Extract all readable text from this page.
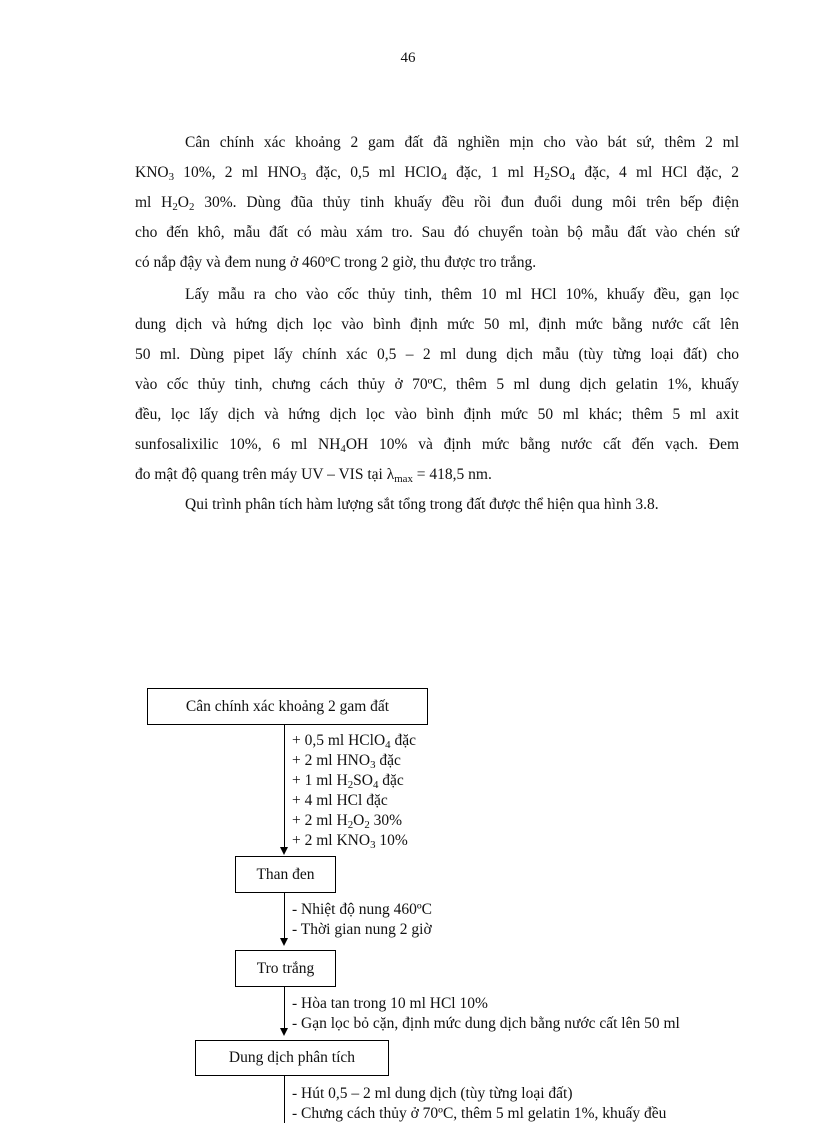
46
Cân chính xác khoảng 2 gam đất đã nghiền mịn cho vào bát sứ, thêm 2 ml
$KNO_3$ 10%, 2 ml $HNO_3$ đặc, 0,5 ml HClO$_4$ đặc, 1 ml $H_2SO_4$ đặc, 4 ml HCl đặc, 2
ml $H_2O_2$ 30%. Dùng đũa thủy tinh khuấy đều rồi đun đuổi dung môi trên bếp điện
cho đến khô, mẫu đất có màu xám tro. Sau đó chuyển toàn bộ mẫu đất vào chén sứ
có nắp đậy và đem nung ở 460ºC trong 2 giờ, thu được tro trắng.
Lấy mẫu ra cho vào cốc thủy tinh, thêm 10 ml HCl 10%, khuấy đều, gạn lọc
dung dịch và hứng dịch lọc vào bình định mức 50 ml, định mức bằng nước cất lên
50 ml. Dùng pipet lấy chính xác 0,5 – 2 ml dung dịch mẫu (tùy từng loại đất) cho
vào cốc thủy tinh, chưng cách thủy ở 70ºC, thêm 5 ml dung dịch gelatin 1%, khuấy
đều, lọc lấy dịch và hứng dịch lọc vào bình định mức 50 ml khác; thêm 5 ml axit
sunfosalixilic 10%, 6 ml $NH_4OH$ 10% và định mức bằng nước cất đến vạch. Đem
đo mật độ quang trên máy UV – VIS tại $\lambda_{max} = 418,5$ nm.
Qui trình phân tích hàm lượng sắt tổng trong đất được thể hiện qua hình 3.8.
Cân chính xác khoảng 2 gam đất
+ 0,5 ml HClO$_4$ đặc
+ 2 ml $HNO_3$ đặc
+ 1 ml $H_2SO_4$ đặc
+ 4 ml HCl đặc
+ 2 ml $H_2O_2$ 30%
+ 2 ml $KNO_3$ 10%
Than đen
- Nhiệt độ nung 460ºC
- Thời gian nung 2 giờ
Tro trắng
- Hòa tan trong 10 ml HCl 10%
- Gạn lọc bỏ cặn, định mức dung dịch bằng nước cất lên 50 ml
Dung dịch phân tích
- Hút 0,5 – 2 ml dung dịch (tùy từng loại đất)
- Chưng cách thủy ở 70ºC, thêm 5 ml gelatin 1%, khuấy đều
